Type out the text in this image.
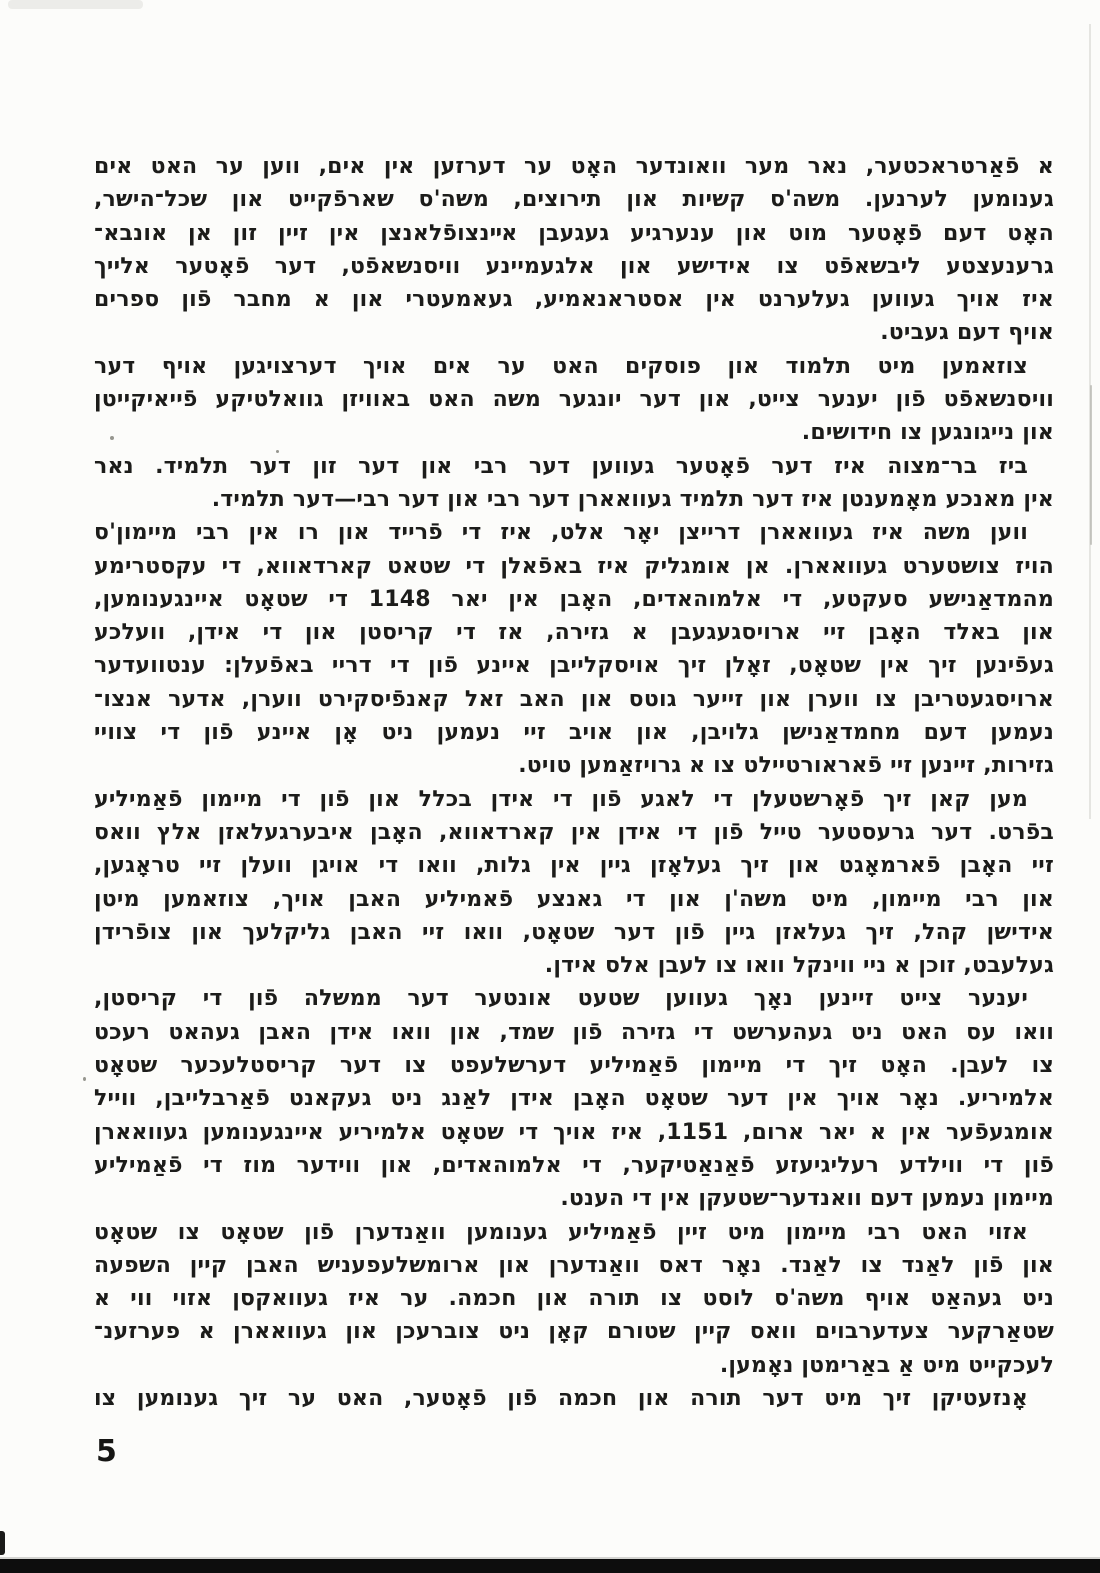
א פֿאַרטראכטער, נאר מער וואונדער האָט ער דערזען אין אים, ווען ער האט אים
גענומען לערנען. משה'ס קשיות און תירוצים, משה'ס שארפֿקייט און שכל־הישר,
האָט דעם פֿאָטער מוט און ענערגיע געגעבן אײנצופֿלאנצן אין זיין זון אן אונבא־
גרענעצטע ליבשאפֿט צו אידישע און אלגעמיינע וויסנשאפֿט, דער פֿאָטער אלייך
איז אויך געווען געלערנט אין אסטראנאמיע, געאמעטרי און א מחבר פֿון ספרים
אויף דעם געביט.
צוזאמען מיט תלמוד און פוסקים האט ער אים אויך דערצויגען אויף דער
וויסנשאפֿט פֿון יענער צייט, און דער יונגער משה האט באוויזן גוואלטיקע פֿייאיקייטן
און נייגונגען צו חידושים.
ביז בר־מצוה איז דער פֿאָטער געווען דער רבי און דער זון דער תלמיד. נאר
אין מאנכע מאָמענטן איז דער תלמיד געוואארן דער רבי און דער רבי—דער תלמיד.
ווען משה איז געוואארן דרייצן יאָר אלט, איז די פֿרייד און רו אין רבי מיימון'ס
הויז צושטערט געוואארן. אן אומגליק איז באפֿאלן די שטאט קארדאווא, די עקסטרימע
מהמדאַנישע סעקטע, די אלמוהאדים, האָבן אין יאר 1148 די שטאָט איינגענומען,
און באלד האָבן זיי ארויסגעגעבן א גזירה, אז די קריסטן און די אידן, וועלכע
געפֿינען זיך אין שטאָט, זאָלן זיך אויסקלייבן איינע פֿון די דריי באפֿעלן: ענטוועדער
ארויסגעטריבן צו ווערן און זייער גוטס און האב זאל קאנפֿיסקירט ווערן, אדער אנצו־
נעמען דעם מחמדאַנישן גלויבן, און אויב זיי נעמען ניט אָן איינע פֿון די צוויי
גזירות, זיינען זיי פֿאראורטיילט צו א גרויזאַמען טויט.
מען קאן זיך פֿאָרשטעלן די לאגע פֿון די אידן בכלל און פֿון די מיימון פֿאַמיליע
בפֿרט. דער גרעסטער טייל פֿון די אידן אין קארדאווא, האָבן איבערגעלאזן אלץ וואס
זיי האָבן פֿארמאָגט און זיך געלאָזן גיין אין גלות, וואו די אויגן וועלן זיי טראָגען,
און רבי מיימון, מיט משה'ן און די גאנצע פֿאמיליע האבן אויך, צוזאמען מיטן
אידישן קהל, זיך געלאזן גיין פֿון דער שטאָט, וואו זיי האבן גליקלעך און צופֿרידן
געלעבט, זוכן א ניי ווינקל וואו צו לעבן אלס אידן.
יענער צייט זיינען נאָך געווען שטעט אונטער דער ממשלה פֿון די קריסטן,
וואו עס האט ניט געהערשט די גזירה פֿון שמד, און וואו אידן האבן געהאט רעכט
צו לעבן. האָט זיך די מיימון פֿאַמיליע דערשלעפט צו דער קריסטלעכער שטאָט
אלמיריע. נאָר אויך אין דער שטאָט האָבן אידן לאַנג ניט געקאנט פֿאַרבלייבן, ווייל
אומגעפֿער אין א יאר ארום, 1151, איז אויך די שטאָט אלמיריע איינגענומען געוואארן
פֿון די ווילדע רעליגיעזע פֿאַנאַטיקער, די אלמוהאדים, און ווידער מוז די פֿאַמיליע
מיימון נעמען דעם וואנדער־שטעקן אין די הענט.
אזוי האט רבי מיימון מיט זיין פֿאַמיליע גענומען וואַנדערן פֿון שטאָט צו שטאָט
און פֿון לאַנד צו לאַנד. נאָר דאס וואַנדערן און ארומשלעפעניש האבן קיין השפעה
ניט געהאַט אויף משה'ס לוסט צו תורה און חכמה. ער איז געוואקסן אזוי ווי א
שטאַרקער צעדערבוים וואס קיין שטורם קאָן ניט צוברעכן און געוואארן א פערזענ־
לעכקייט מיט אַ באַרימטן נאָמען.
אָנזעטיקן זיך מיט דער תורה און חכמה פֿון פֿאָטער, האט ער זיך גענומען צו
5
